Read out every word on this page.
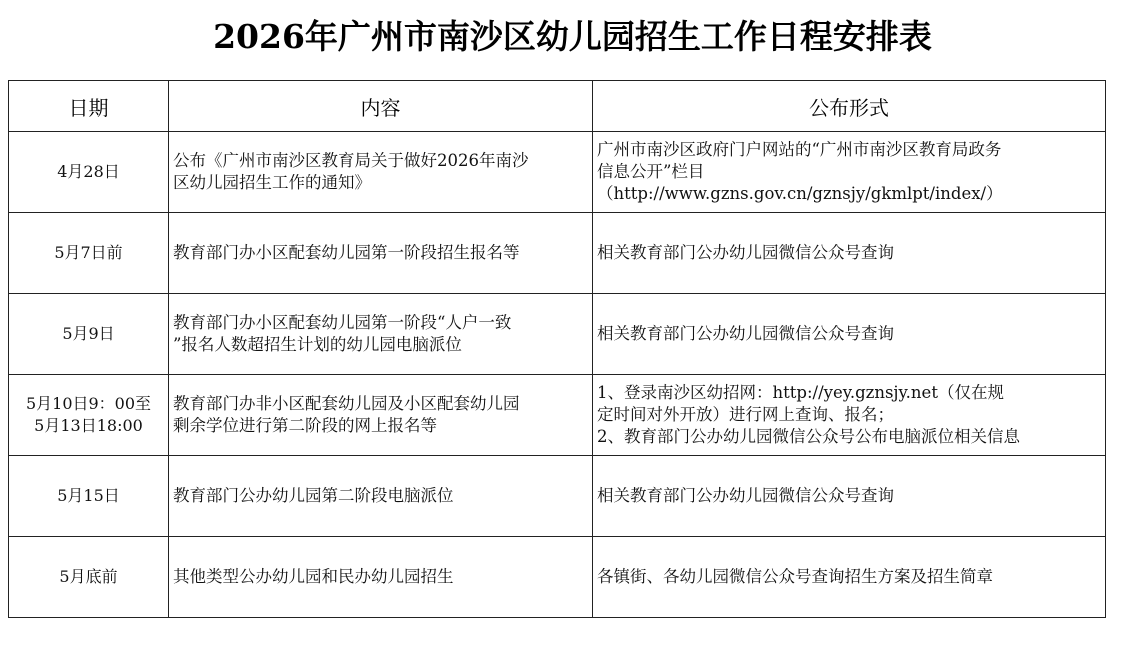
2026年广州市南沙区幼儿园招生工作日程安排表
日期	内容	公布形式

4月28日	公布《广州市南沙区教育局关于做好2026年南沙
区幼儿园招生工作的通知》	广州市南沙区政府门户网站的“广州市南沙区教育局政务
信息公开”栏目
（http://www.gzns.gov.cn/gznsjy/gkmlpt/index/）

5月7日前	教育部门办小区配套幼儿园第一阶段招生报名等	相关教育部门公办幼儿园微信公众号查询

5月9日	教育部门办小区配套幼儿园第一阶段“人户一致
”报名人数超招生计划的幼儿园电脑派位	相关教育部门公办幼儿园微信公众号查询

5月10日9：00至
5月13日18:00	教育部门办非小区配套幼儿园及小区配套幼儿园
剩余学位进行第二阶段的网上报名等	1、登录南沙区幼招网：http://yey.gznsjy.net（仅在规
定时间对外开放）进行网上查询、报名；
2、教育部门公办幼儿园微信公众号公布电脑派位相关信息

5月15日	教育部门公办幼儿园第二阶段电脑派位	相关教育部门公办幼儿园微信公众号查询

5月底前	其他类型公办幼儿园和民办幼儿园招生	各镇街、各幼儿园微信公众号查询招生方案及招生简章
